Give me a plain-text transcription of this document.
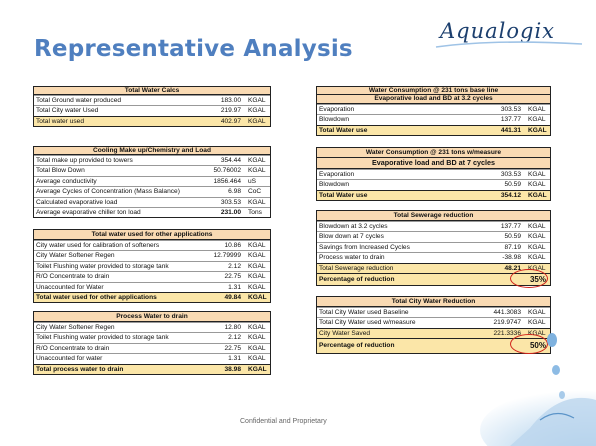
Representative Analysis
Aqualogix
Total Water Calcs
Total Ground water produced	183.00	KGAL
Total City water Used	219.97	KGAL
Total water used	402.97	KGAL
Cooling Make up/Chemistry and Load
Total make up provided to towers	354.44	KGAL
Total Blow Down	50.76002	KGAL
Average conductivity	1856.464	uS
Average Cycles of Concentration (Mass Balance)	6.98	CoC
Calculated evaporative load	303.53	KGAL
Average evaporative chiller ton load	231.00	Tons
Total water used for other applications
City water used for calibration of softeners	10.86	KGAL
City Water Softener Regen	12.79999	KGAL
Toilet Flushing water provided to storage tank	2.12	KGAL
R/O Concentrate to drain	22.75	KGAL
Unaccounted for Water	1.31	KGAL
Total water used for other applications	49.84	KGAL
Process Water to drain
City Water Softener Regen	12.80	KGAL
Toilet Flushing water provided to storage tank	2.12	KGAL
R/O Concentrate to drain	22.75	KGAL
Unaccounted for water	1.31	KGAL
Total process water to drain	38.98	KGAL
Water Consumption @ 231 tons base line
Evaporative load and BD at 3.2 cycles
Evaporation	303.53	KGAL
Blowdown	137.77	KGAL
Total Water use	441.31	KGAL
Water Consumption @ 231 tons w/measure
Evaporative load and BD at 7 cycles
Evaporation	303.53	KGAL
Blowdown	50.59	KGAL
Total Water use	354.12	KGAL
Total Sewerage reduction
Blowdown at 3.2 cycles	137.77	KGAL
Blow down at 7 cycles	50.59	KGAL
Savings from Increased Cycles	87.19	KGAL
Process water to drain	-38.98	KGAL
Total Sewerage reduction	48.21	KGAL
Percentage of reduction	35%
Total City Water Reduction
Total City Water used Baseline	441.3083	KGAL
Total City Water used w/measure	219.9747	KGAL
City Water Saved	221.3336	KGAL
Percentage of reduction	50%
Confidential and Proprietary
